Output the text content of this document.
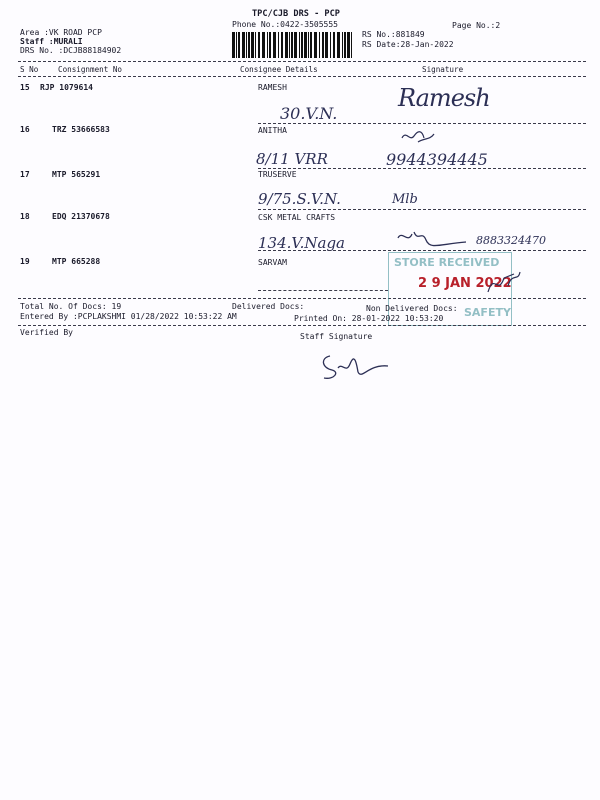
TPC/CJB DRS - PCP
Phone No.:0422-3505555	Page No.:2
Area :VK ROAD PCP
Staff :MURALI
DRS No. :DCJB88184902
RS No.:881849
RS Date:28-Jan-2022
S No	Consignment No	Consignee Details	Signature
15 RJP 1079614	RAMESH
30.V.N.
Ramesh
16	TRZ 53666583	ANITHA
8/11 VRR	9944394445
17	MTP 565291	TRUSERVE
9/75.S.V.N.	Mlb
18	EDQ 21370678	CSK METAL CRAFTS
134.V.Naga	8883324470
19	MTP 665288	SARVAM	STORE RECEIVED
2 9 JAN 2022
SAFETY
Total No. Of Docs: 19	Delivered Docs:	Non Delivered Docs:
Entered By :PCPLAKSHMI 01/28/2022 10:53:22 AM	Printed On: 28-01-2022 10:53:20
Verified By	Staff Signature
